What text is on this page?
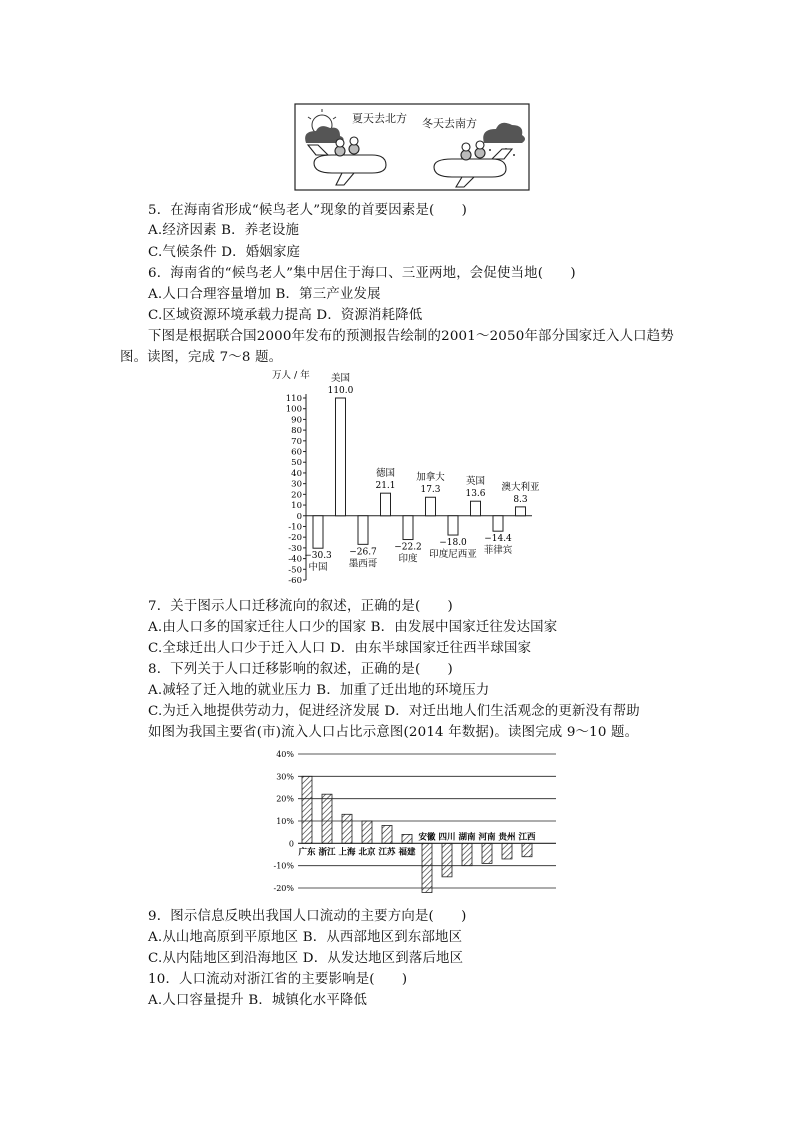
夏天去北方 冬天去南方
5．在海南省形成“候鸟老人”现象的首要因素是(　　)
A.经济因素 B．养老设施
C.气候条件 D．婚姻家庭
6．海南省的“候鸟老人”集中居住于海口、三亚两地，会促使当地(　　)
A.人口合理容量增加 B．第三产业发展
C.区域资源环境承载力提高 D．资源消耗降低
下图是根据联合国2000年发布的预测报告绘制的2001～2050年部分国家迁入人口趋势
图。读图，完成 7～8 题。
万人 / 年
110
100
90
80
70
60
50
40
30
20
10
0
-10
-20
-30
-40
-50
-60
−30.3
中国
110.0
美国
−26.7
墨西哥
21.1
德国
−22.2
印度
17.3
加拿大
−18.0
印度尼西亚
13.6
英国
−14.4
菲律宾
8.3
澳大利亚
7．关于图示人口迁移流向的叙述，正确的是(　　)
A.由人口多的国家迁往人口少的国家 B．由发展中国家迁往发达国家
C.全球迁出人口少于迁入人口 D．由东半球国家迁往西半球国家
8．下列关于人口迁移影响的叙述，正确的是(　　)
A.减轻了迁入地的就业压力 B．加重了迁出地的环境压力
C.为迁入地提供劳动力，促进经济发展 D．对迁出地人们生活观念的更新没有帮助
如图为我国主要省(市)流入人口占比示意图(2014 年数据)。读图完成 9～10 题。
40%
30%
20%
10%
0
-10%
-20%
广东 浙江 上海 北京 江苏 福建
安徽 四川 湖南 河南 贵州 江西
9．图示信息反映出我国人口流动的主要方向是(　　)
A.从山地高原到平原地区 B．从西部地区到东部地区
C.从内陆地区到沿海地区 D．从发达地区到落后地区
10．人口流动对浙江省的主要影响是(　　)
A.人口容量提升 B．城镇化水平降低
